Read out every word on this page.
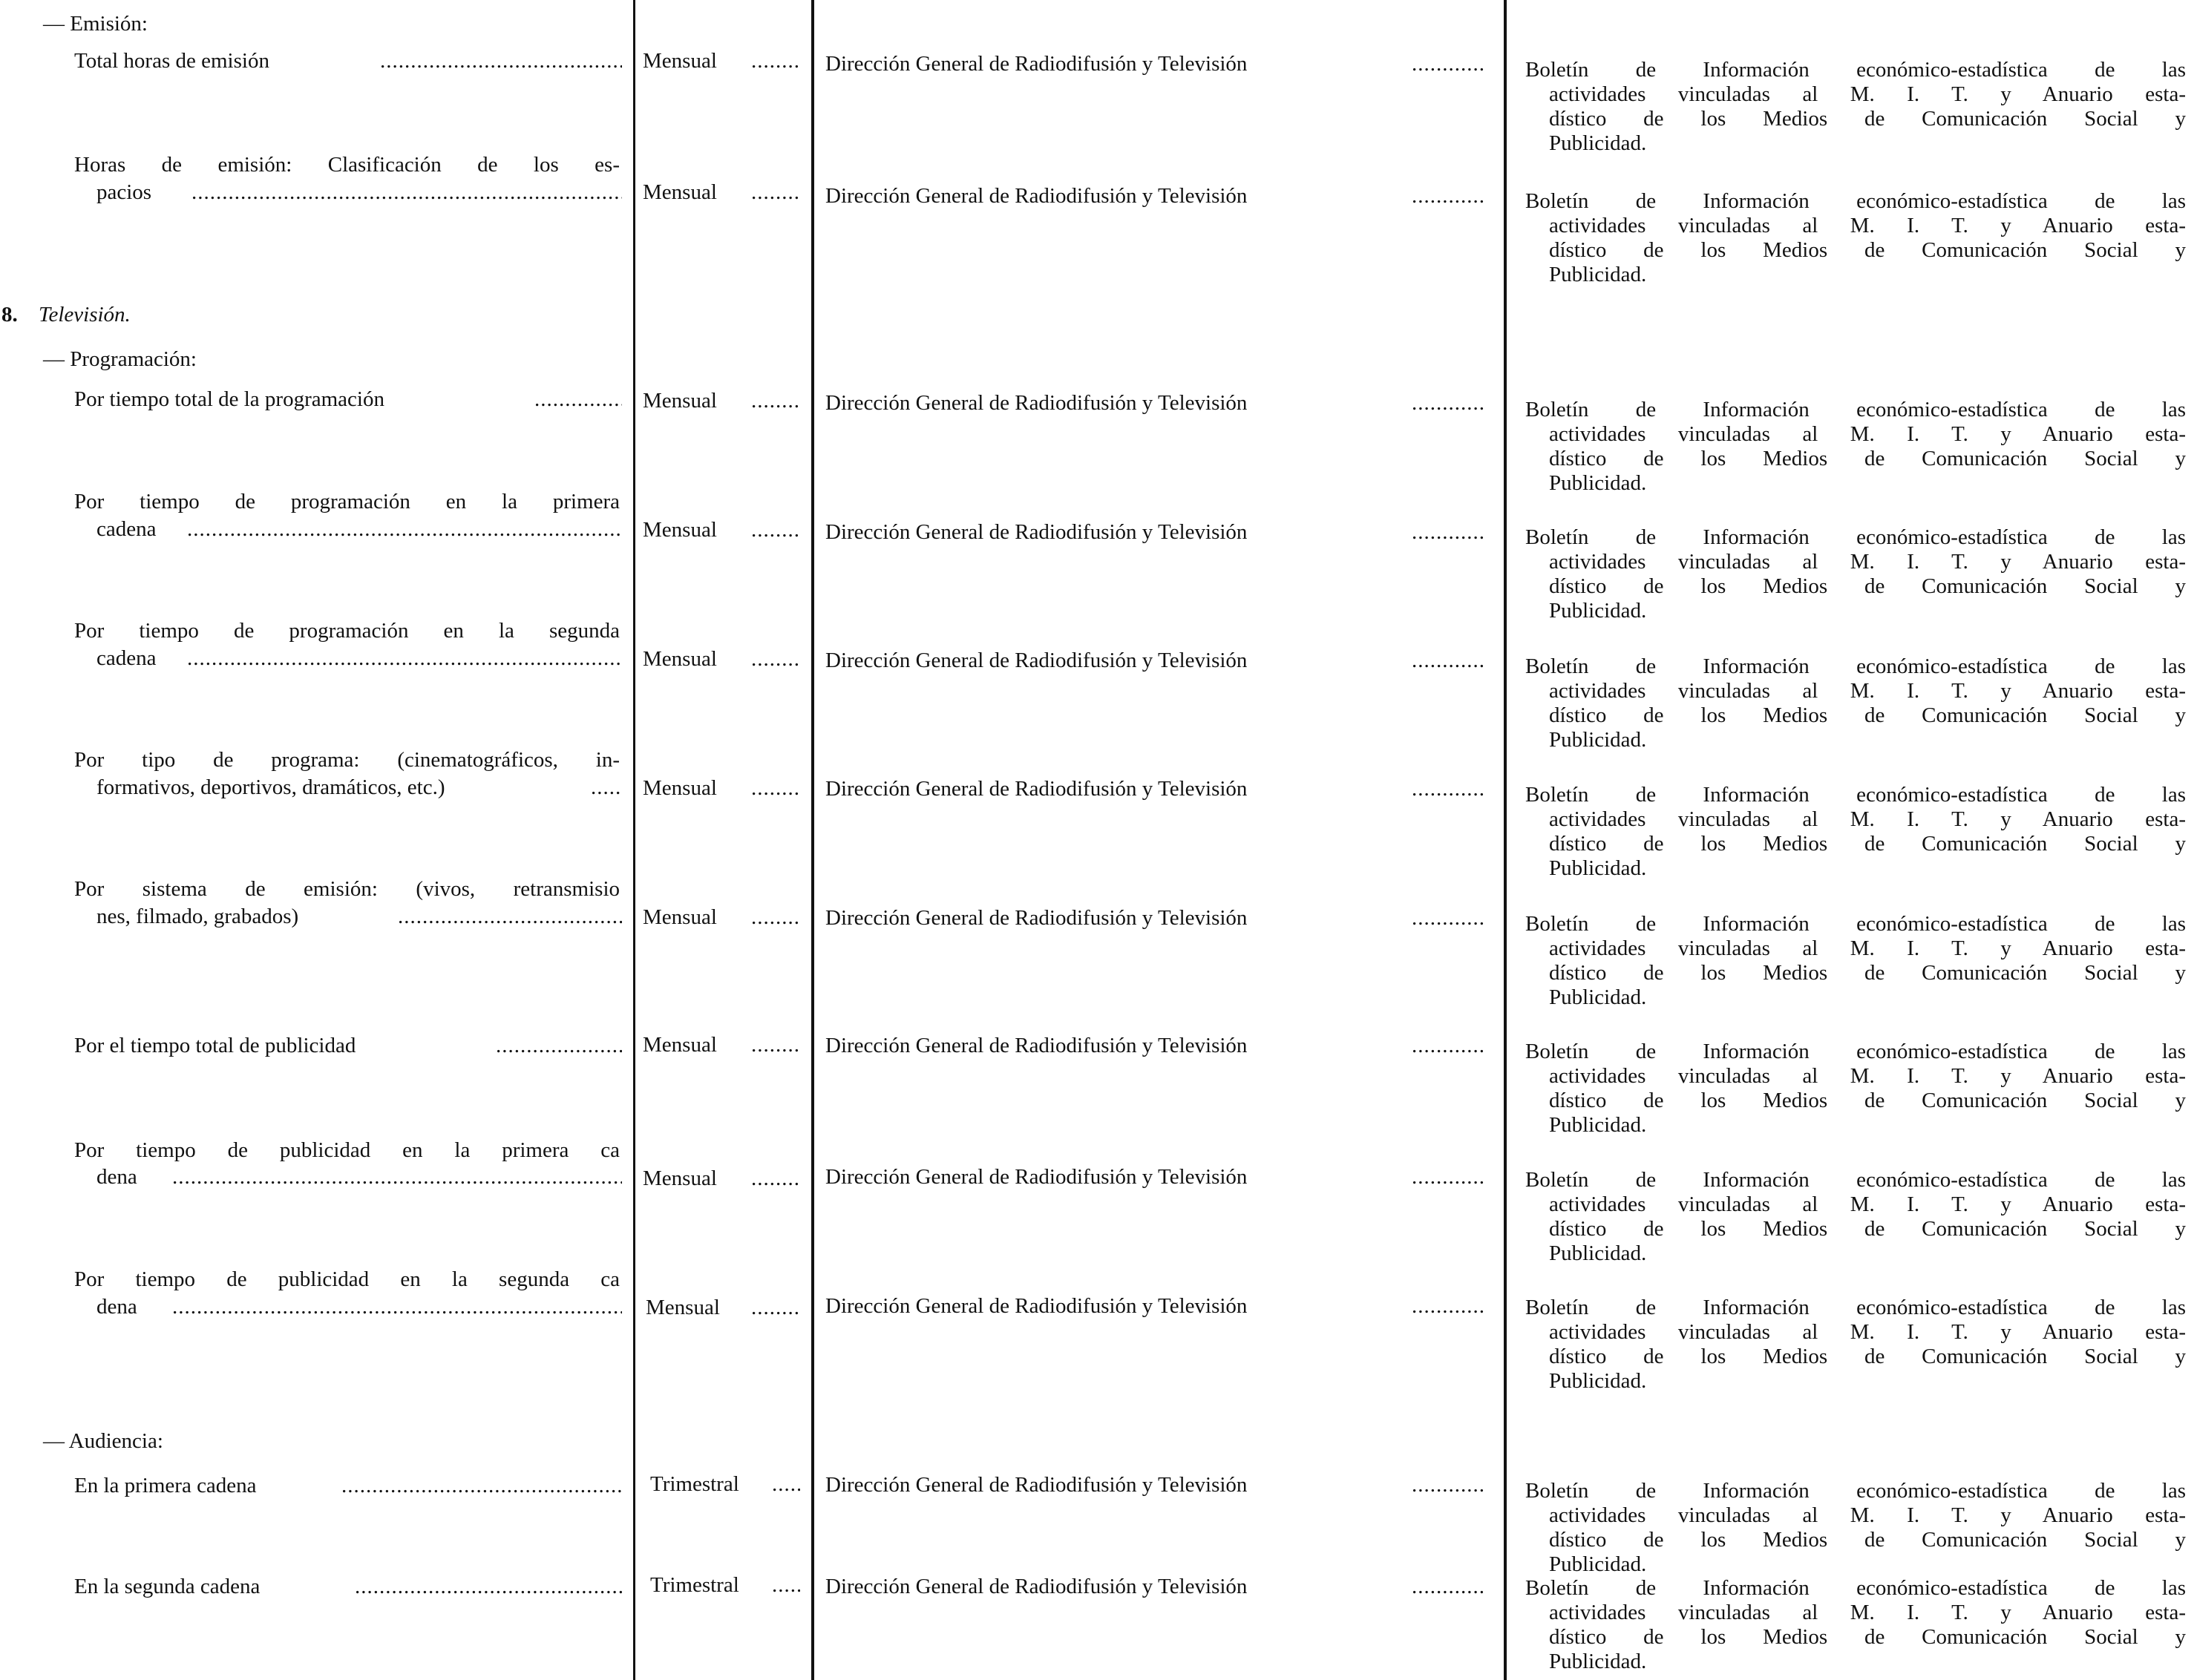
— Emisión:
8. Televisión.
— Programación:
— Audiencia:
Total horas de emisión .....	Mensual .....	Dirección General de Radiodifusión y Televisión .....	Boletín de Información económico-estadística de las
actividades vinculadas al M. I. T. y Anuario esta-
dístico de los Medios de Comunicación Social y
Publicidad.
Horas de emisión: Clasificación de los es-
pacios .....	Mensual .....	Dirección General de Radiodifusión y Televisión .....	Boletín de Información económico-estadística de las
actividades vinculadas al M. I. T. y Anuario esta-
dístico de los Medios de Comunicación Social y
Publicidad.
Por tiempo total de la programación .....	Mensual .....	Dirección General de Radiodifusión y Televisión .....	Boletín de Información económico-estadística de las
actividades vinculadas al M. I. T. y Anuario esta-
dístico de los Medios de Comunicación Social y
Publicidad.
Por tiempo de programación en la primera
cadena .....	Mensual .....	Dirección General de Radiodifusión y Televisión .....	Boletín de Información económico-estadística de las
actividades vinculadas al M. I. T. y Anuario esta-
dístico de los Medios de Comunicación Social y
Publicidad.
Por tiempo de programación en la segunda
cadena .....	Mensual .....	Dirección General de Radiodifusión y Televisión .....	Boletín de Información económico-estadística de las
actividades vinculadas al M. I. T. y Anuario esta-
dístico de los Medios de Comunicación Social y
Publicidad.
Por tipo de programa: (cinematográficos, in-
formativos, deportivos, dramáticos, etc.) .....	Mensual .....	Dirección General de Radiodifusión y Televisión .....	Boletín de Información económico-estadística de las
actividades vinculadas al M. I. T. y Anuario esta-
dístico de los Medios de Comunicación Social y
Publicidad.
Por sistema de emisión: (vivos, retransmisio
nes, filmado, grabados) .....	Mensual .....	Dirección General de Radiodifusión y Televisión .....	Boletín de Información económico-estadística de las
actividades vinculadas al M. I. T. y Anuario esta-
dístico de los Medios de Comunicación Social y
Publicidad.
Por el tiempo total de publicidad .....	Mensual .....	Dirección General de Radiodifusión y Televisión .....	Boletín de Información económico-estadística de las
actividades vinculadas al M. I. T. y Anuario esta-
dístico de los Medios de Comunicación Social y
Publicidad.
Por tiempo de publicidad en la primera ca
dena .....	Mensual .....	Dirección General de Radiodifusión y Televisión .....	Boletín de Información económico-estadística de las
actividades vinculadas al M. I. T. y Anuario esta-
dístico de los Medios de Comunicación Social y
Publicidad.
Por tiempo de publicidad en la segunda ca
dena .....	Mensual .....	Dirección General de Radiodifusión y Televisión .....	Boletín de Información económico-estadística de las
actividades vinculadas al M. I. T. y Anuario esta-
dístico de los Medios de Comunicación Social y
Publicidad.
En la primera cadena .....	Trimestral .....	Dirección General de Radiodifusión y Televisión .....	Boletín de Información económico-estadística de las
actividades vinculadas al M. I. T. y Anuario esta-
dístico de los Medios de Comunicación Social y
Publicidad.
En la segunda cadena .....	Trimestral .....	Dirección General de Radiodifusión y Televisión .....	Boletín de Información económico-estadística de las
actividades vinculadas al M. I. T. y Anuario esta-
dístico de los Medios de Comunicación Social y
Publicidad.
